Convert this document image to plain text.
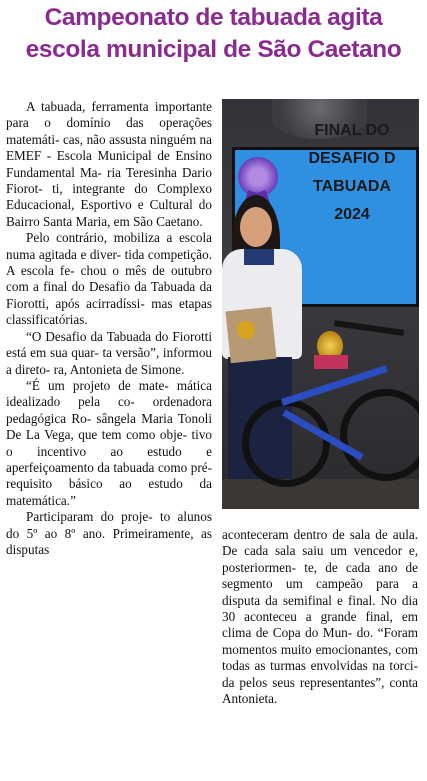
Campeonato de tabuada agita
escola municipal de São Caetano

A tabuada, ferramenta importante para o domínio das operações matemáti- cas, não assusta ninguém na EMEF - Escola Municipal de Ensino Fundamental Ma- ria Teresinha Dario Fiorot- ti, integrante do Complexo Educacional, Esportivo e Cultural do Bairro Santa Maria, em São Caetano.

Pelo contrário, mobiliza a escola numa agitada e diver- tida competição. A escola fe- chou o mês de outubro com a final do Desafio da Tabuada da Fiorotti, após acirradíssi- mas etapas classificatórias.

“O Desafio da Tabuada do Fiorotti está em sua quar- ta versão”, informou a direto- ra, Antonieta de Simone.

“É um projeto de mate- mática idealizado pela co- ordenadora pedagógica Ro- sângela Maria Tonoli De La Vega, que tem como obje- tivo o incentivo ao estudo e aperfeiçoamento da tabuada como pré-requisito básico ao estudo da matemática.”

Participaram do proje- to alunos do 5º ao 8º ano. Primeiramente, as disputas

FINAL DO
DESAFIO D
TABUADA
2024

aconteceram dentro de sala de aula. De cada sala saiu um vencedor e, posteriormen- te, de cada ano de segmento um campeão para a disputa da semifinal e final. No dia 30 aconteceu a grande final, em clima de Copa do Mun- do. “Foram momentos muito emocionantes, com todas as turmas envolvidas na torci- da pelos seus representantes”, conta Antonieta.
